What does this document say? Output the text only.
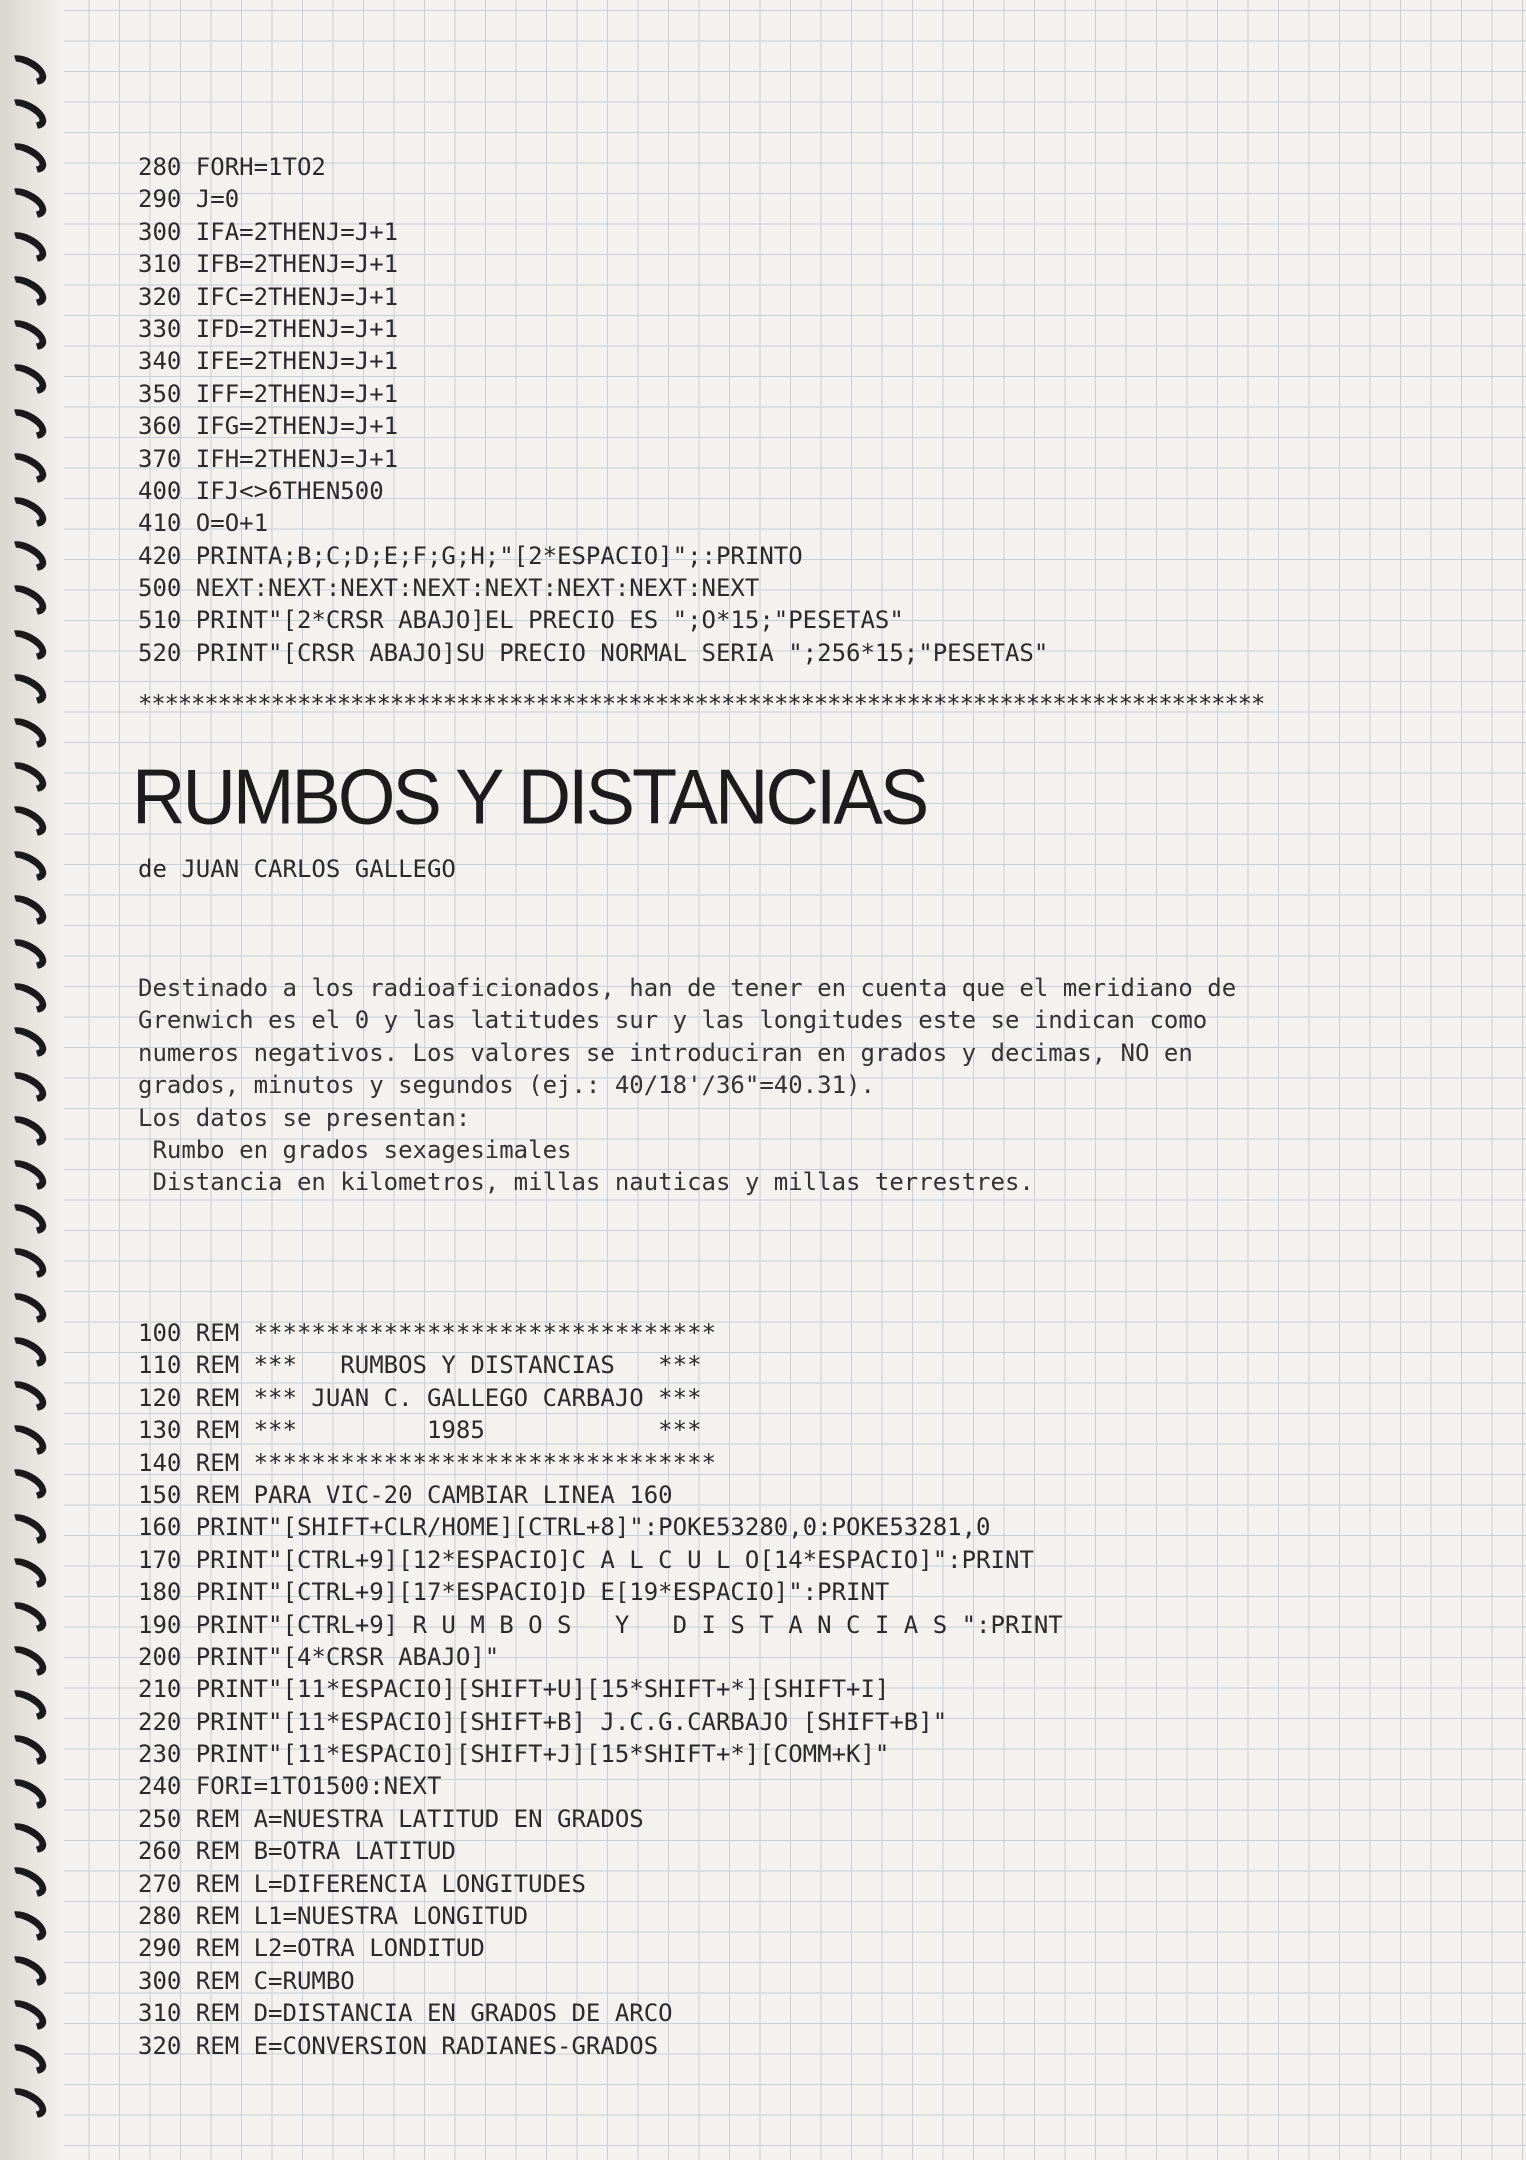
280 FORH=1TO2
290 J=0
300 IFA=2THENJ=J+1
310 IFB=2THENJ=J+1
320 IFC=2THENJ=J+1
330 IFD=2THENJ=J+1
340 IFE=2THENJ=J+1
350 IFF=2THENJ=J+1
360 IFG=2THENJ=J+1
370 IFH=2THENJ=J+1
400 IFJ<>6THEN500
410 O=O+1
420 PRINTA;B;C;D;E;F;G;H;"[2*ESPACIO]";:PRINTO
500 NEXT:NEXT:NEXT:NEXT:NEXT:NEXT:NEXT:NEXT
510 PRINT"[2*CRSR ABAJO]EL PRECIO ES ";O*15;"PESETAS"
520 PRINT"[CRSR ABAJO]SU PRECIO NORMAL SERIA ";256*15;"PESETAS"
*************************************************************************************
RUMBOS Y DISTANCIAS
de JUAN CARLOS GALLEGO
Destinado a los radioaficionados, han de tener en cuenta que el meridiano de
Grenwich es el 0 y las latitudes sur y las longitudes este se indican como
numeros negativos. Los valores se introduciran en grados y decimas, NO en
grados, minutos y segundos (ej.: 40/18'/36"=40.31).
Los datos se presentan:
Rumbo en grados sexagesimales
Distancia en kilometros, millas nauticas y millas terrestres.
100 REM ********************************
110 REM ***   RUMBOS Y DISTANCIAS   ***
120 REM *** JUAN C. GALLEGO CARBAJO ***
130 REM ***         1985            ***
140 REM ********************************
150 REM PARA VIC-20 CAMBIAR LINEA 160
160 PRINT"[SHIFT+CLR/HOME][CTRL+8]":POKE53280,0:POKE53281,0
170 PRINT"[CTRL+9][12*ESPACIO]C A L C U L O[14*ESPACIO]":PRINT
180 PRINT"[CTRL+9][17*ESPACIO]D E[19*ESPACIO]":PRINT
190 PRINT"[CTRL+9] R U M B O S   Y   D I S T A N C I A S ":PRINT
200 PRINT"[4*CRSR ABAJO]"
210 PRINT"[11*ESPACIO][SHIFT+U][15*SHIFT+*][SHIFT+I]
220 PRINT"[11*ESPACIO][SHIFT+B] J.C.G.CARBAJO [SHIFT+B]"
230 PRINT"[11*ESPACIO][SHIFT+J][15*SHIFT+*][COMM+K]"
240 FORI=1TO1500:NEXT
250 REM A=NUESTRA LATITUD EN GRADOS
260 REM B=OTRA LATITUD
270 REM L=DIFERENCIA LONGITUDES
280 REM L1=NUESTRA LONGITUD
290 REM L2=OTRA LONDITUD
300 REM C=RUMBO
310 REM D=DISTANCIA EN GRADOS DE ARCO
320 REM E=CONVERSION RADIANES-GRADOS
